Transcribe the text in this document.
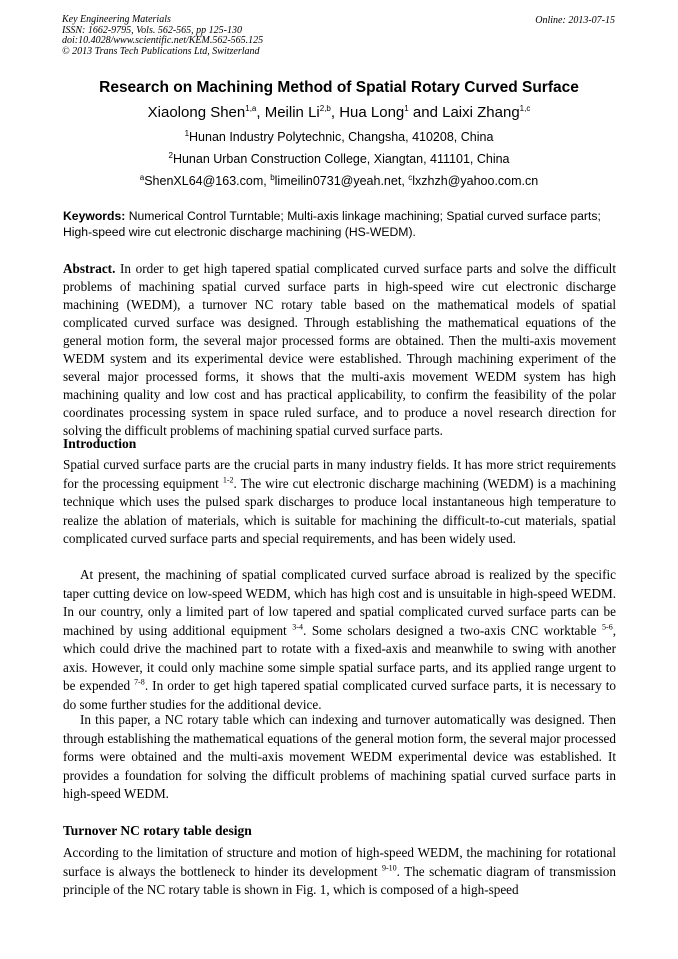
Key Engineering Materials
ISSN: 1662-9795, Vols. 562-565, pp 125-130
doi:10.4028/www.scientific.net/KEM.562-565.125
© 2013 Trans Tech Publications Ltd, Switzerland
Online: 2013-07-15
Research on Machining Method of Spatial Rotary Curved Surface
Xiaolong Shen$^{1,a}$, Meilin Li$^{2,b}$, Hua Long$^1$ and Laixi Zhang$^{1,c}$
$^1$Hunan Industry Polytechnic, Changsha, 410208, China
$^2$Hunan Urban Construction College, Xiangtan, 411101, China
$^a$ShenXL64@163.com, $^b$limeilin0731@yeah.net, $^c$lxzhzh@yahoo.com.cn
Keywords: Numerical Control Turntable; Multi-axis linkage machining; Spatial curved surface parts; High-speed wire cut electronic discharge machining (HS-WEDM).
Abstract. In order to get high tapered spatial complicated curved surface parts and solve the difficult problems of machining spatial curved surface parts in high-speed wire cut electronic discharge machining (WEDM), a turnover NC rotary table based on the mathematical models of spatial complicated curved surface was designed. Through establishing the mathematical equations of the general motion form, the several major processed forms are obtained. Then the multi-axis movement WEDM system and its experimental device were established. Through machining experiment of the several major processed forms, it shows that the multi-axis movement WEDM system has high machining quality and low cost and has practical applicability, to confirm the feasibility of the polar coordinates processing system in space ruled surface, and to produce a novel research direction for solving the difficult problems of machining spatial curved surface parts.
Introduction
Spatial curved surface parts are the crucial parts in many industry fields. It has more strict requirements for the processing equipment $^{1-2}$. The wire cut electronic discharge machining (WEDM) is a machining technique which uses the pulsed spark discharges to produce local instantaneous high temperature to realize the ablation of materials, which is suitable for machining the difficult-to-cut materials, spatial complicated curved surface parts and special requirements, and has been widely used.
At present, the machining of spatial complicated curved surface abroad is realized by the specific taper cutting device on low-speed WEDM, which has high cost and is unsuitable in high-speed WEDM. In our country, only a limited part of low tapered and spatial complicated curved surface parts can be machined by using additional equipment $^{3-4}$. Some scholars designed a two-axis CNC worktable $^{5-6}$, which could drive the machined part to rotate with a fixed-axis and meanwhile to swing with another axis. However, it could only machine some simple spatial surface parts, and its applied range urgent to be expended $^{7-8}$. In order to get high tapered spatial complicated curved surface parts, it is necessary to do some further studies for the additional device.
In this paper, a NC rotary table which can indexing and turnover automatically was designed. Then through establishing the mathematical equations of the general motion form, the several major processed forms were obtained and the multi-axis movement WEDM experimental device was established. It provides a foundation for solving the difficult problems of machining spatial curved surface parts in high-speed WEDM.
Turnover NC rotary table design
According to the limitation of structure and motion of high-speed WEDM, the machining for rotational surface is always the bottleneck to hinder its development $^{9-10}$. The schematic diagram of transmission principle of the NC rotary table is shown in Fig. 1, which is composed of a high-speed
